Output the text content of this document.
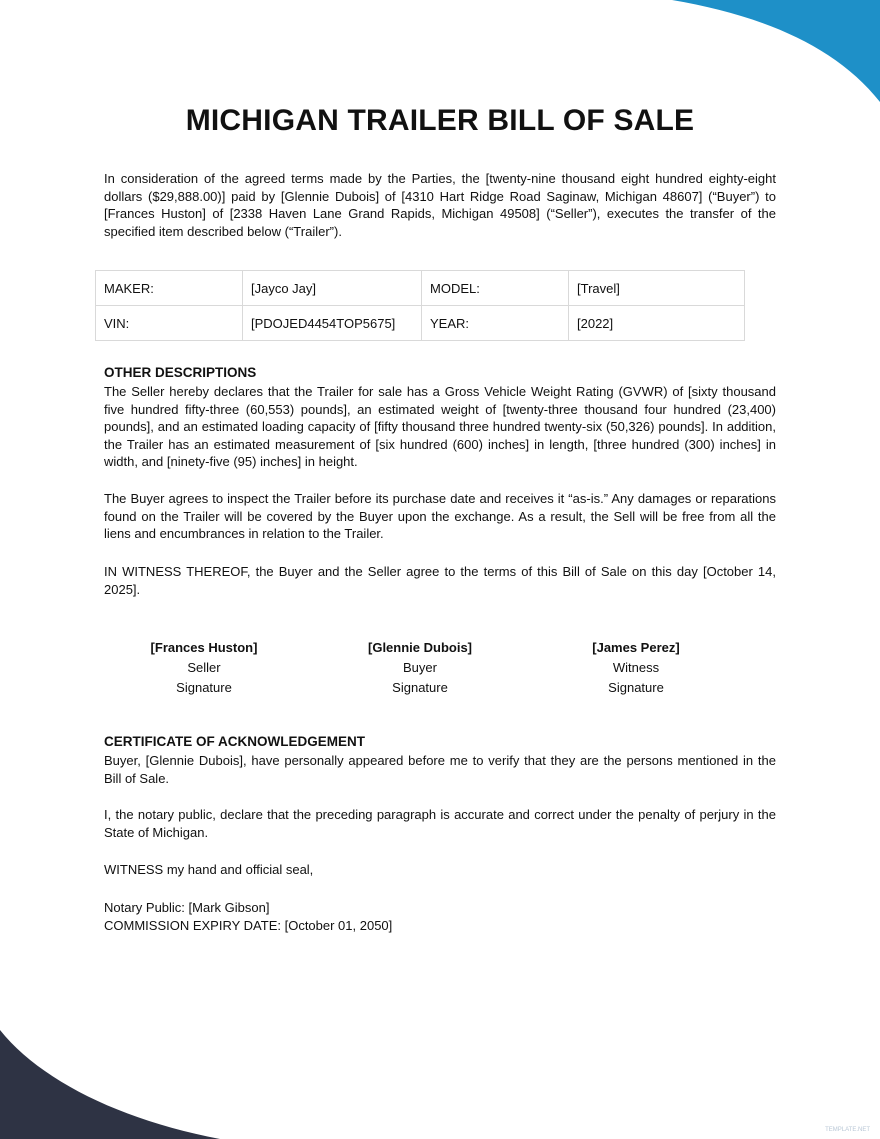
MICHIGAN TRAILER BILL OF SALE

In consideration of the agreed terms made by the Parties, the [twenty-nine thousand eight hundred eighty-eight dollars ($29,888.00)] paid by [Glennie Dubois] of [4310 Hart Ridge Road Saginaw, Michigan 48607] (“Buyer”) to [Frances Huston] of [2338 Haven Lane Grand Rapids, Michigan 49508] (“Seller”), executes the transfer of the specified item described below (“Trailer”).

MAKER:	[Jayco Jay]	MODEL:	[Travel]
VIN:	[PDOJED4454TOP5675]	YEAR:	[2022]
OTHER DESCRIPTIONS

The Seller hereby declares that the Trailer for sale has a Gross Vehicle Weight Rating (GVWR) of [sixty thousand five hundred fifty-three (60,553) pounds], an estimated weight of [twenty-three thousand four hundred (23,400) pounds], and an estimated loading capacity of [fifty thousand three hundred twenty-six (50,326) pounds]. In addition, the Trailer has an estimated measurement of [six hundred (600) inches] in length, [three hundred (300) inches] in width, and [ninety-five (95) inches] in height.

The Buyer agrees to inspect the Trailer before its purchase date and receives it “as-is.” Any damages or reparations found on the Trailer will be covered by the Buyer upon the exchange. As a result, the Sell will be free from all the liens and encumbrances in relation to the Trailer.

IN WITNESS THEREOF, the Buyer and the Seller agree to the terms of this Bill of Sale on this day [October 14, 2025].

[Frances Huston]
Seller
Signature
[Glennie Dubois]
Buyer
Signature
[James Perez]
Witness
Signature
CERTIFICATE OF ACKNOWLEDGEMENT

Buyer, [Glennie Dubois], have personally appeared before me to verify that they are the persons mentioned in the Bill of Sale.

I, the notary public, declare that the preceding paragraph is accurate and correct under the penalty of perjury in the State of Michigan.

WITNESS my hand and official seal,

Notary Public: [Mark Gibson]

COMMISSION EXPIRY DATE: [October 01, 2050]

TEMPLATE.NET
